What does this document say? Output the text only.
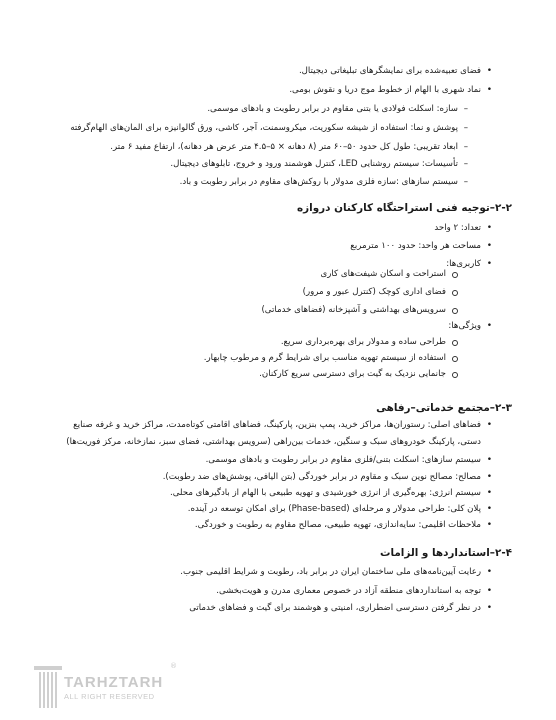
فضای تعبیه‌شده برای نمایشگرهای تبلیغاتی دیجیتال. •
نماد شهری با الهام از خطوط موج دریا و نقوش بومی. •
سازه: اسکلت فولادی یا بتنی مقاوم در برابر رطوبت و بادهای موسمی. –
پوشش و نما: استفاده از شیشه سکوریت، میکروسمنت، آجر، کاشی، ورق گالوانیزه برای المان‌های الهام‌گرفته –
ابعاد تقریبی: طول کل حدود ۵۰–۶۰ متر (۸ دهانه × ۵–۴.۵ متر عرض هر دهانه)، ارتفاع مفید ۶ متر. –
تأسیسات: سیستم روشنایی LED، کنترل هوشمند ورود و خروج، تابلوهای دیجیتال. –
سیستم سازهای :سازه فلزی مدولار با روکش‌های مقاوم در برابر رطوبت و باد. –
۲-۲–توجیه فنی استراحتگاه کارکنان دروازه
تعداد: ۲ واحد •
مساحت هر واحد: حدود ۱۰۰ مترمربع •
کاربری‌ها: •
استراحت و اسکان شیفت‌های کاری
فضای اداری کوچک (کنترل عبور و مرور)
سرویس‌های بهداشتی و آشپزخانه (فضاهای خدماتی)
ویژگی‌ها: •
طراحی ساده و مدولار برای بهره‌برداری سریع.
استفاده از سیستم تهویه مناسب برای شرایط گرم و مرطوب چابهار.
جانمایی نزدیک به گیت برای دسترسی سریع کارکنان.
۲-۳–مجتمع خدماتی–رفاهی
فضاهای اصلی: رستوران‌ها، مراکز خرید، پمپ بنزین، پارکینگ، فضاهای اقامتی کوتاه‌مدت، مراکز خرید و غرفه صنایع •
دستی، پارکینگ خودروهای سبک و سنگین، خدمات بین‌راهی (سرویس بهداشتی، فضای سبز، نمازخانه، مرکز فوریت‌ها)
سیستم سازهای: اسکلت بتنی/فلزی مقاوم در برابر رطوبت و بادهای موسمی. •
مصالح: مصالح نوین سبک و مقاوم در برابر خوردگی (بتن الیافی، پوشش‌های ضد رطوبت). •
سیستم انرژی: بهره‌گیری از انرژی خورشیدی و تهویه طبیعی با الهام از بادگیرهای محلی. •
پلان کلی: طراحی مدولار و مرحله‌ای (Phase-based) برای امکان توسعه در آینده. •
ملاحظات اقلیمی: سایه‌اندازی، تهویه طبیعی، مصالح مقاوم به رطوبت و خوردگی. •
۲-۴–استانداردها و الزامات
رعایت آیین‌نامه‌های ملی ساختمان ایران در برابر باد، رطوبت و شرایط اقلیمی جنوب. •
توجه به استانداردهای منطقه آزاد در خصوص معماری مدرن و هویت‌بخشی. •
در نظر گرفتن دسترسی اضطراری، امنیتی و هوشمند برای گیت و فضاهای خدماتی •
TARHZTARH
ALL RIGHT RESERVED
®
